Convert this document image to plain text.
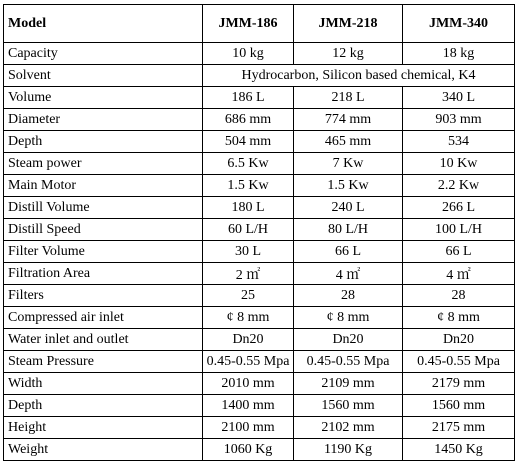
Model	JMM-186	JMM-218	JMM-340
Capacity	10 kg	12 kg	18 kg
Solvent	Hydrocarbon, Silicon based chemical, K4		
Volume	186 L	218 L	340 L
Diameter	686 mm	774 mm	903 mm
Depth	504 mm	465 mm	534
Steam power	6.5 Kw	7 Kw	10 Kw
Main Motor	1.5 Kw	1.5 Kw	2.2 Kw
Distill Volume	180 L	240 L	266 L
Distill Speed	60 L/H	80 L/H	100 L/H
Filter Volume	30 L	66 L	66 L
Filtration Area	2 ㎡	4 ㎡	4 ㎡
Filters	25	28	28
Compressed air inlet	¢ 8 mm	¢ 8 mm	¢ 8 mm
Water inlet and outlet	Dn20	Dn20	Dn20
Steam Pressure	0.45-0.55 Mpa	0.45-0.55 Mpa	0.45-0.55 Mpa
Width	2010 mm	2109 mm	2179 mm
Depth	1400 mm	1560 mm	1560 mm
Height	2100 mm	2102 mm	2175 mm
Weight	1060 Kg	1190 Kg	1450 Kg
